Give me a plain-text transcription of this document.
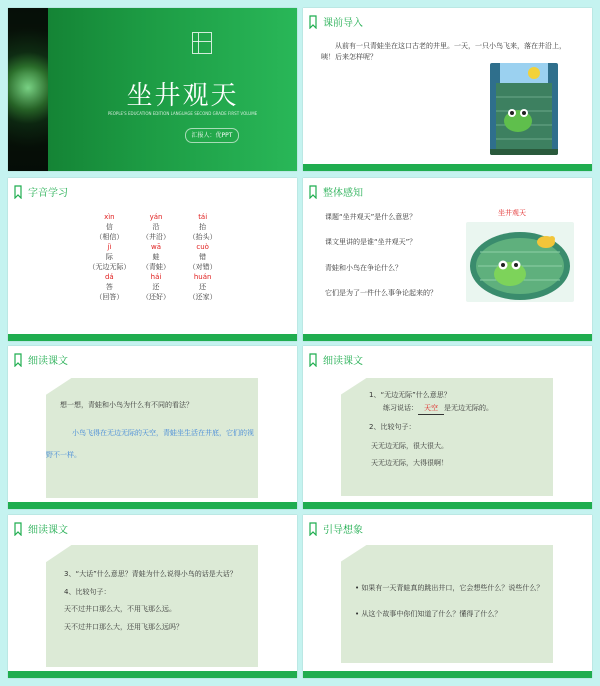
坐井观天
PEOPLE'S EDUCATION EDITION LANGUAGE SECOND GRADE FIRST VOLUME
汇报人：优PPT
课前导入
从前有一只青蛙坐在这口古老的井里。一天，一只小鸟飞来，落在井沿上，咦！后来怎样呢？
字音学习
xìn	yán	tái
信	沿	抬
（相信）	（井沿）	（抬头）
jì	wā	cuò
际	蛙	错
（无边无际）	（青蛙）	（对错）
dá	hái	huán
答	还	还
（回答）	（还好）	（还家）
整体感知
课题“坐井观天”是什么意思？
课文里讲的是谁“坐井观天”？
青蛙和小鸟在争论什么？
它们是为了一件什么事争论起来的？
坐井观天
细读课文
想一想，青蛙和小鸟为什么有不同的看法？
小鸟飞得在无边无际的天空，青蛙坐生活在井底，它们的视野不一样。
细读课文
1、“无边无际”什么意思？
练习说话： 天空 是无边无际的。
2、比较句子：
天无边无际，很大很大。
天无边无际，大得很啊！
细读课文
3、“大话”什么意思？青蛙为什么说得小鸟的话是大话？
4、比较句子：
天不过井口那么大，不用飞那么远。
天不过井口那么大，还用飞那么远吗？
引导想象
• 如果有一天青蛙真的跳出井口，它会想些什么？说些什么？
• 从这个故事中你们知道了什么？懂得了什么？
